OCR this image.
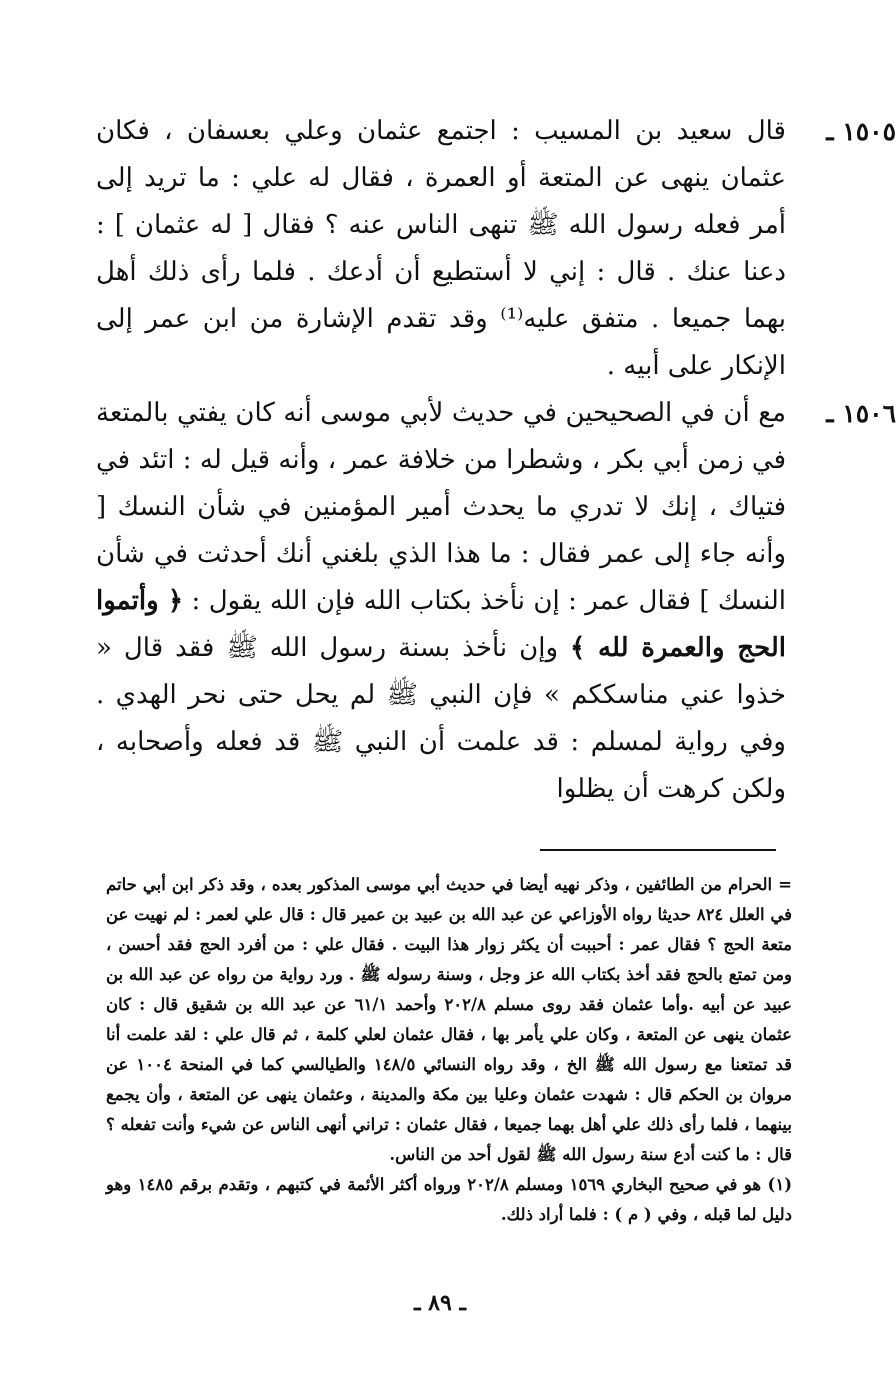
١٥٠٥ ـ
قال سعيد بن المسيب : اجتمع عثمان وعلي بعسفان ، فكان عثمان ينهى عن المتعة أو العمرة ، فقال له علي : ما تريد إلى أمر فعله رسول الله ﷺ تنهى الناس عنه ؟ فقال [ له عثمان ] : دعنا عنك . قال : إني لا أستطيع أن أدعك . فلما رأى ذلك أهل بهما جميعا . متفق عليه⁽¹⁾ وقد تقدم الإشارة من ابن عمر إلى الإنكار على أبيه .
١٥٠٦ ـ
مع أن في الصحيحين في حديث لأبي موسى أنه كان يفتي بالمتعة في زمن أبي بكر ، وشطرا من خلافة عمر ، وأنه قيل له : اتئد في فتياك ، إنك لا تدري ما يحدث أمير المؤمنين في شأن النسك [ وأنه جاء إلى عمر فقال : ما هذا الذي بلغني أنك أحدثت في شأن النسك ] فقال عمر : إن نأخذ بكتاب الله فإن الله يقول : ﴿ وأتموا الحج والعمرة لله ﴾ وإن نأخذ بسنة رسول الله ﷺ فقد قال « خذوا عني مناسككم » فإن النبي ﷺ لم يحل حتى نحر الهدي . وفي رواية لمسلم : قد علمت أن النبي ﷺ قد فعله وأصحابه ، ولكن كرهت أن يظلوا

= الحرام من الطائفين ، وذكر نهيه أيضا في حديث أبي موسى المذكور بعده ، وقد ذكر ابن أبي حاتم في العلل ٨٢٤ حديثا رواه الأوزاعي عن عبد الله بن عبيد بن عمير قال : قال علي لعمر : لم نهيت عن متعة الحج ؟ فقال عمر : أحببت أن يكثر زوار هذا البيت . فقال علي : من أفرد الحج فقد أحسن ، ومن تمتع بالحج فقد أخذ بكتاب الله عز وجل ، وسنة رسوله ﷺ . ورد رواية من رواه عن عبد الله بن عبيد عن أبيه .وأما عثمان فقد روى مسلم ٢٠٢/٨ وأحمد ٦١/١ عن عبد الله بن شقيق قال : كان عثمان ينهى عن المتعة ، وكان علي يأمر بها ، فقال عثمان لعلي كلمة ، ثم قال علي : لقد علمت أنا قد تمتعنا مع رسول الله ﷺ الخ ، وقد رواه النسائي ١٤٨/٥ والطيالسي كما في المنحة ١٠٠٤ عن مروان بن الحكم قال : شهدت عثمان وعليا بين مكة والمدينة ، وعثمان ينهى عن المتعة ، وأن يجمع بينهما ، فلما رأى ذلك علي أهل بهما جميعا ، فقال عثمان : تراني أنهى الناس عن شيء وأنت تفعله ؟ قال : ما كنت أدع سنة رسول الله ﷺ لقول أحد من الناس.

(١) هو في صحيح البخاري ١٥٦٩ ومسلم ٢٠٢/٨ ورواه أكثر الأئمة في كتبهم ، وتقدم برقم ١٤٨٥ وهو دليل لما قبله ، وفي ( م ) : فلما أراد ذلك.

ـ ٨٩ ـ
